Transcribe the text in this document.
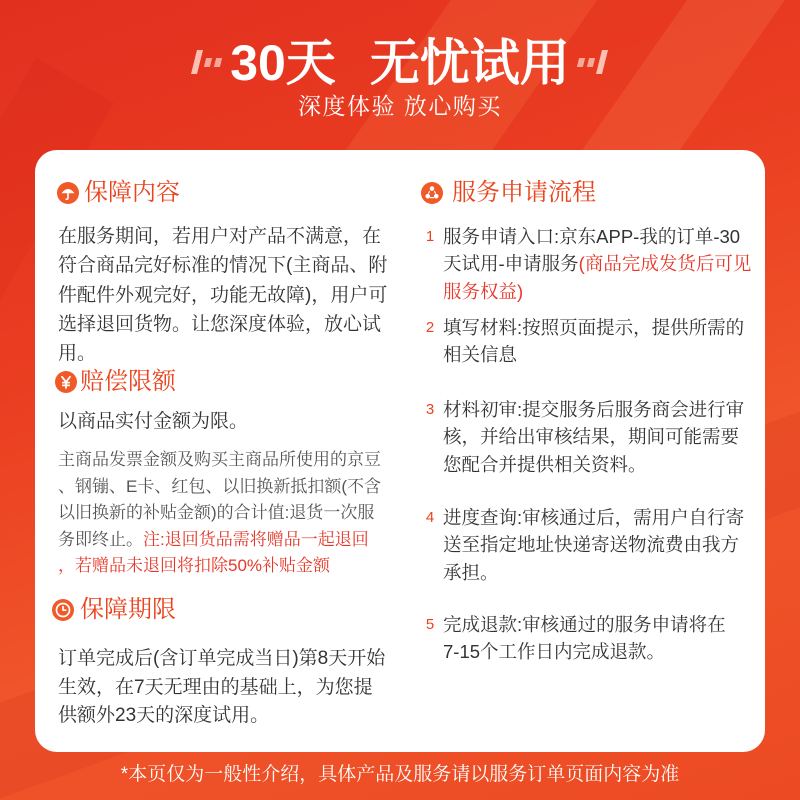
30天 无忧试用
深度体验 放心购买
保障内容
在服务期间，若用户对产品不满意，在
符合商品完好标准的情况下(主商品、附
件配件外观完好，功能无故障)，用户可
选择退回货物。让您深度体验，放心试
用。
赔偿限额
以商品实付金额为限。
主商品发票金额及购买主商品所使用的京豆
、钢镚、E卡、红包、以旧换新抵扣额(不含
以旧换新的补贴金额)的合计值:退货一次服
务即终止。注:退回货品需将赠品一起退回
，若赠品未退回将扣除50%补贴金额
保障期限
订单完成后(含订单完成当日)第8天开始
生效，在7天无理由的基础上，为您提
供额外23天的深度试用。
服务申请流程
1 服务申请入口:京东APP-我的订单-30
天试用-申请服务(商品完成发货后可见
服务权益)
2 填写材料:按照页面提示，提供所需的
相关信息
3 材料初审:提交服务后服务商会进行审
核，并给出审核结果，期间可能需要
您配合并提供相关资料。
4 进度查询:审核通过后，需用户自行寄
送至指定地址快递寄送物流费由我方
承担。
5 完成退款:审核通过的服务申请将在
7-15个工作日内完成退款。
*本页仅为一般性介绍，具体产品及服务请以服务订单页面内容为准
